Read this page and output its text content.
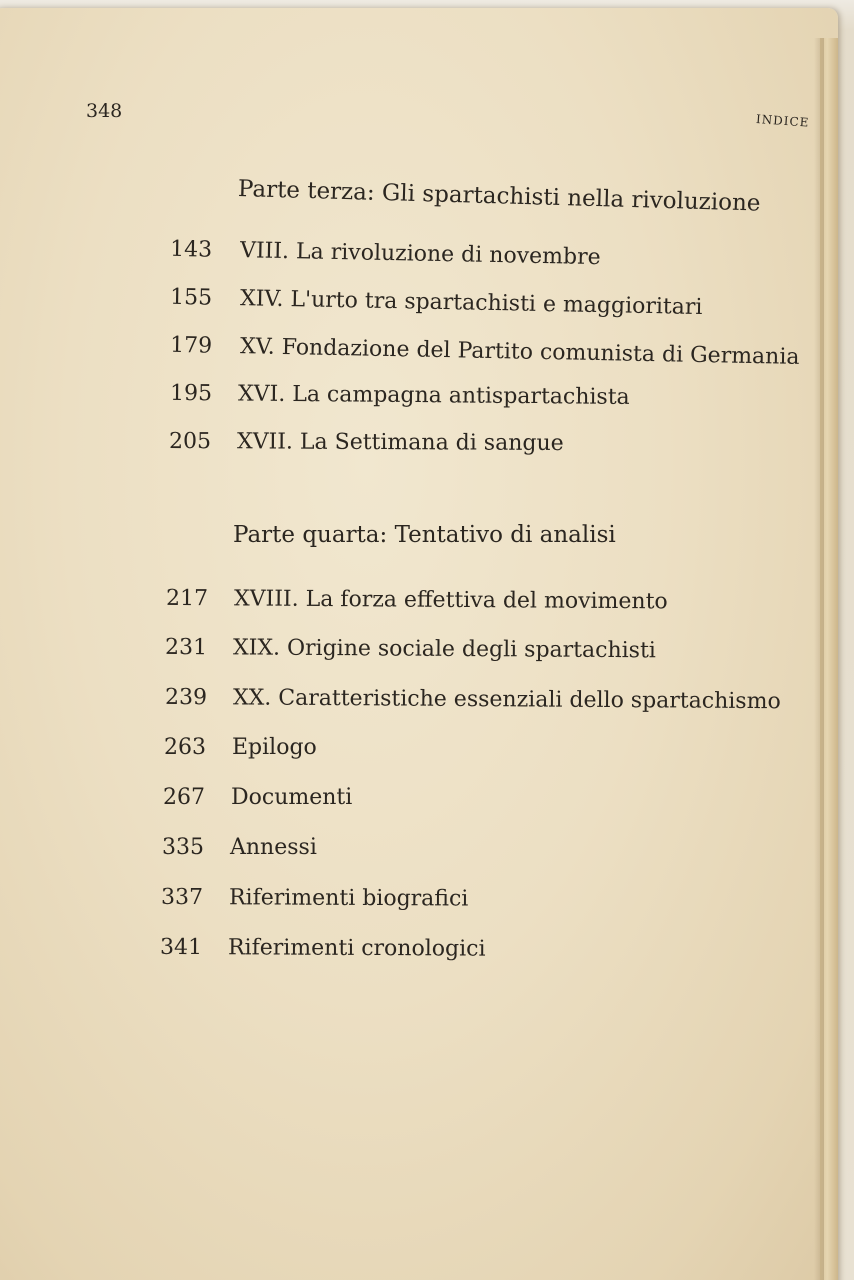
348	INDICE
Parte terza: Gli spartachisti nella rivoluzione
143 VIII. La rivoluzione di novembre
155 XIV. L'urto tra spartachisti e maggioritari
179 XV. Fondazione del Partito comunista di Germania
195 XVI. La campagna antispartachista
205 XVII. La Settimana di sangue
Parte quarta: Tentativo di analisi
217 XVIII. La forza effettiva del movimento
231 XIX. Origine sociale degli spartachisti
239 XX. Caratteristiche essenziali dello spartachismo
263 Epilogo
267 Documenti
335 Annessi
337 Riferimenti biografici
341 Riferimenti cronologici
